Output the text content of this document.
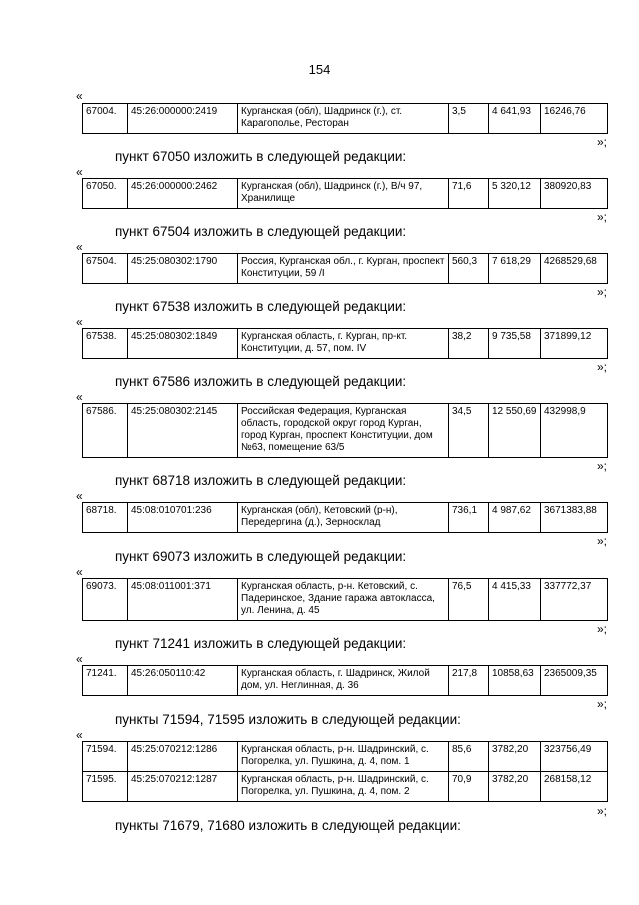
154
«
67004.	45:26:000000:2419	Курганская (обл), Шадринск (г.), ст. Карагополье, Ресторан	3,5	4 641,93	16246,76
»;
пункт 67050 изложить в следующей редакции:
«
67050.	45:26:000000:2462	Курганская (обл), Шадринск (г.), В/ч 97, Хранилище	71,6	5 320,12	380920,83
»;
пункт 67504 изложить в следующей редакции:
«
67504.	45:25:080302:1790	Россия, Курганская обл., г. Курган, проспект Конституции, 59 /I	560,3	7 618,29	4268529,68
»;
пункт 67538 изложить в следующей редакции:
«
67538.	45:25:080302:1849	Курганская область, г. Курган, пр-кт. Конституции, д. 57, пом. IV	38,2	9 735,58	371899,12
»;
пункт 67586 изложить в следующей редакции:
«
67586.	45:25:080302:2145	Российская Федерация, Курганская область, городской округ город Курган, город Курган, проспект Конституции, дом №63, помещение 63/5	34,5	12 550,69	432998,9
»;
пункт 68718 изложить в следующей редакции:
«
68718.	45:08:010701:236	Курганская (обл), Кетовский (р-н), Передергина (д.), Зерносклад	736,1	4 987,62	3671383,88
»;
пункт 69073 изложить в следующей редакции:
«
69073.	45:08:011001:371	Курганская область, р-н. Кетовский, с. Падеринское, Здание гаража автокласса, ул. Ленина, д. 45	76,5	4 415,33	337772,37
»;
пункт 71241 изложить в следующей редакции:
«
71241.	45:26:050110:42	Курганская область, г. Шадринск, Жилой дом, ул. Неглинная, д. 36	217,8	10858,63	2365009,35
»;
пункты 71594, 71595 изложить в следующей редакции:
«
71594.	45:25:070212:1286	Курганская область, р-н. Шадринский, с. Погорелка, ул. Пушкина, д. 4, пом. 1	85,6	3782,20	323756,49
71595.	45:25:070212:1287	Курганская область, р-н. Шадринский, с. Погорелка, ул. Пушкина, д. 4, пом. 2	70,9	3782,20	268158,12
»;
пункты 71679, 71680 изложить в следующей редакции:
